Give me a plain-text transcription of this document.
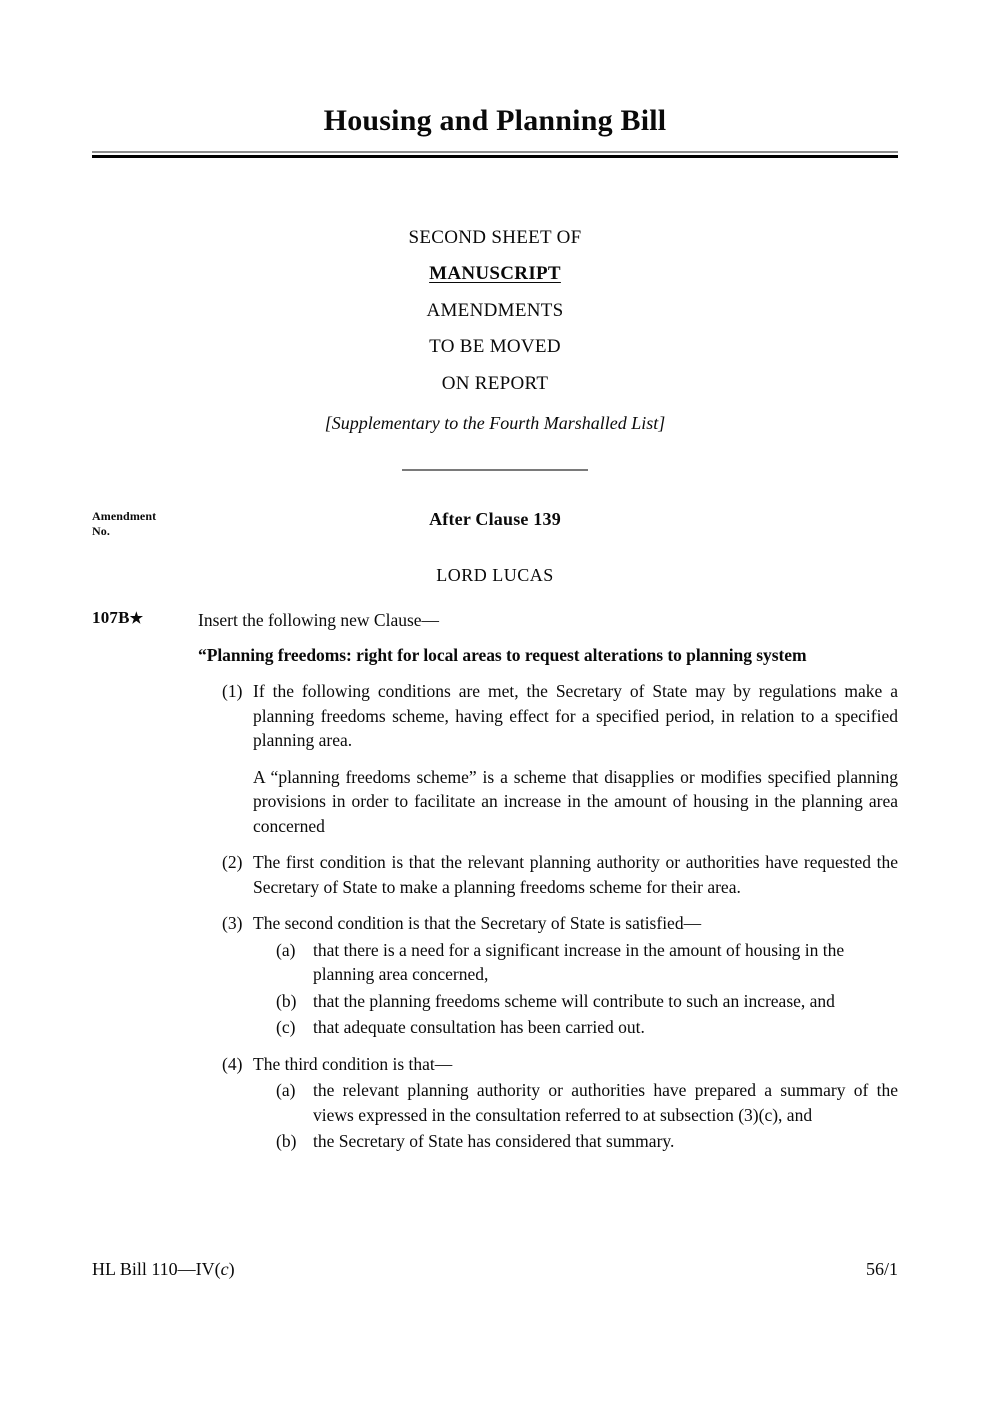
Housing and Planning Bill
SECOND SHEET OF
MANUSCRIPT
AMENDMENTS
TO BE MOVED
ON REPORT
[Supplementary to the Fourth Marshalled List]
Amendment
No.
After Clause 139
LORD LUCAS
107B★	Insert the following new Clause—
“Planning freedoms: right for local areas to request alterations to planning system
(1) If the following conditions are met, the Secretary of State may by regulations make a planning freedoms scheme, having effect for a specified period, in relation to a specified planning area.
A “planning freedoms scheme” is a scheme that disapplies or modifies specified planning provisions in order to facilitate an increase in the amount of housing in the planning area concerned
(2) The first condition is that the relevant planning authority or authorities have requested the Secretary of State to make a planning freedoms scheme for their area.
(3) The second condition is that the Secretary of State is satisfied—
(a) that there is a need for a significant increase in the amount of housing in the planning area concerned,
(b) that the planning freedoms scheme will contribute to such an increase, and
(c) that adequate consultation has been carried out.
(4) The third condition is that—
(a) the relevant planning authority or authorities have prepared a summary of the views expressed in the consultation referred to at subsection (3)(c), and
(b) the Secretary of State has considered that summary.
HL Bill 110—IV(c)	56/1
